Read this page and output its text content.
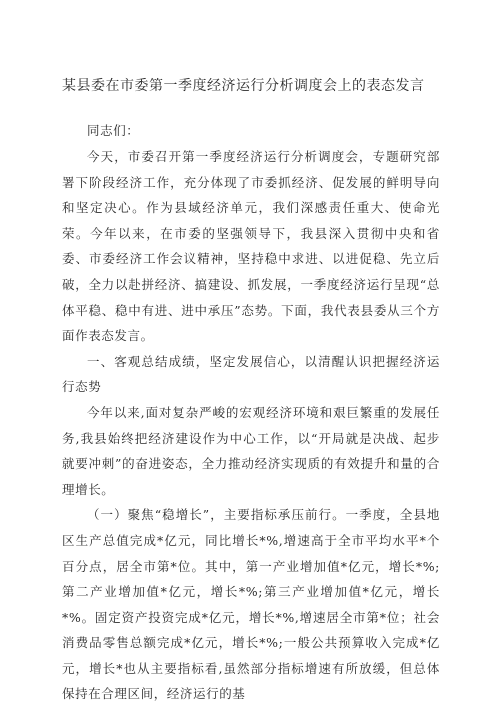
某县委在市委第一季度经济运行分析调度会上的表态发言

同志们：

今天，市委召开第一季度经济运行分析调度会，专题研究部署下阶段经济工作，充分体现了市委抓经济、促发展的鲜明导向和坚定决心。作为县域经济单元，我们深感责任重大、使命光荣。今年以来，在市委的坚强领导下，我县深入贯彻中央和省委、市委经济工作会议精神，坚持稳中求进、以进促稳、先立后破，全力以赴拼经济、搞建设、抓发展，一季度经济运行呈现“总体平稳、稳中有进、进中承压”态势。下面，我代表县委从三个方面作表态发言。

一、客观总结成绩，坚定发展信心，以清醒认识把握经济运行态势

今年以来,面对复杂严峻的宏观经济环境和艰巨繁重的发展任务,我县始终把经济建设作为中心工作，以“开局就是决战、起步就要冲刺”的奋进姿态，全力推动经济实现质的有效提升和量的合理增长。

（一）聚焦“稳增长”，主要指标承压前行。一季度，全县地区生产总值完成*亿元，同比增长*%,增速高于全市平均水平*个百分点，居全市第*位。其中，第一产业增加值*亿元，增长*%;第二产业增加值*亿元，增长*%;第三产业增加值*亿元，增长*%。固定资产投资完成*亿元，增长*%,增速居全市第*位；社会消费品零售总额完成*亿元，增长*%;一般公共预算收入完成*亿元，增长*也从主要指标看,虽然部分指标增速有所放缓，但总体保持在合理区间，经济运行的基
